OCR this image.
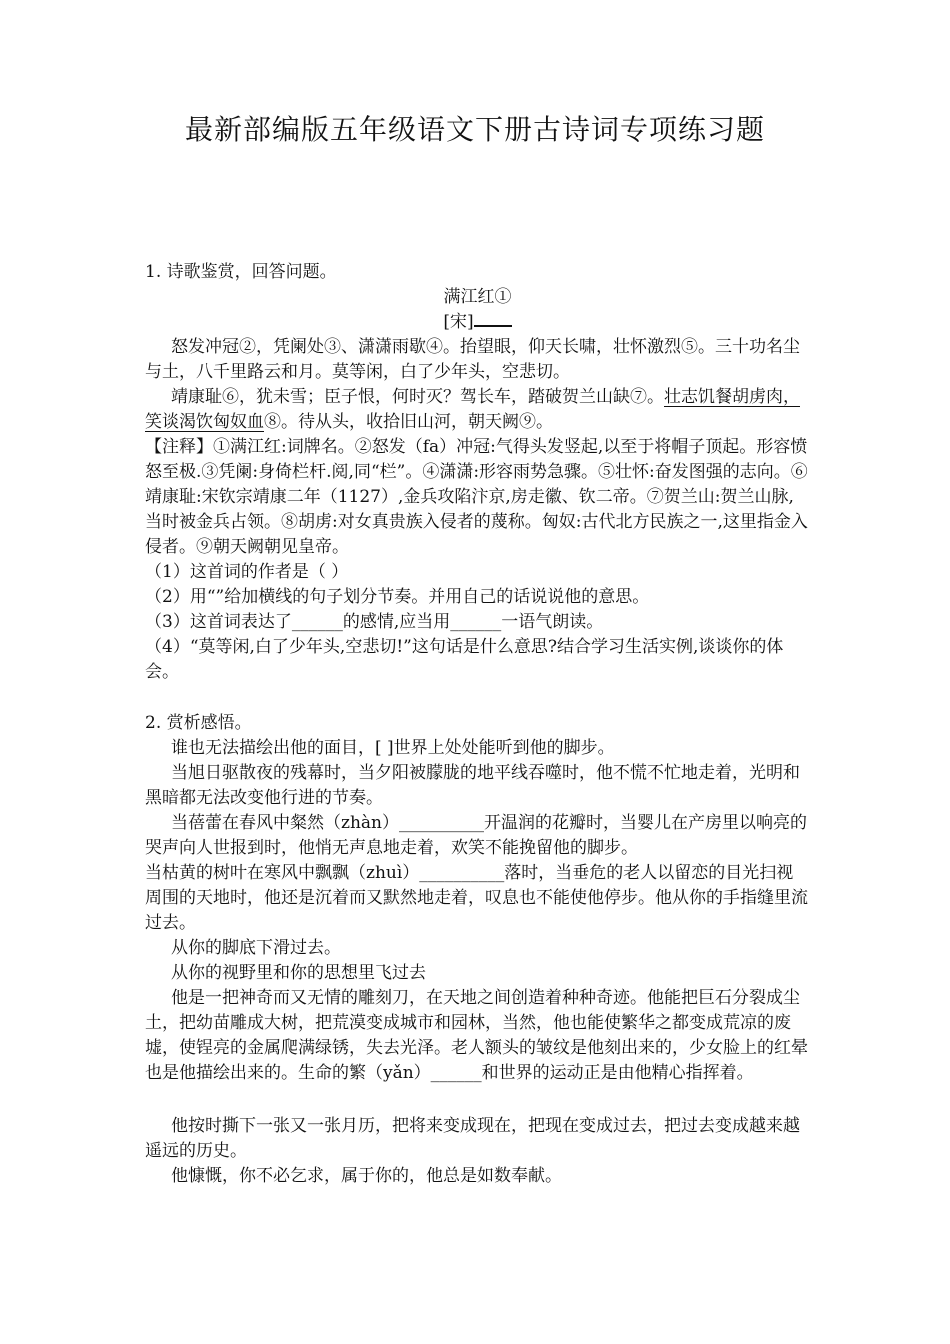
最新部编版五年级语文下册古诗词专项练习题

1. 诗歌鉴赏，回答问题。

满江红①

[宋]

怒发冲冠②，凭阑处③、潇潇雨歇④。抬望眼，仰天长啸，壮怀激烈⑤。三十功名尘与土，八千里路云和月。莫等闲，白了少年头，空悲切。

靖康耻⑥，犹未雪；臣子恨，何时灭？驾长车，踏破贺兰山缺⑦。壮志饥餐胡虏肉，笑谈渴饮匈奴血⑧。待从头，收拾旧山河，朝天阙⑨。

【注释】①满江红:词牌名。②怒发（fa）冲冠:气得头发竖起,以至于将帽子顶起。形容愤怒至极.③凭阑:身倚栏杆.阅,同“栏”。④潇潇:形容雨势急骤。⑤壮怀:奋发图强的志向。⑥靖康耻:宋钦宗靖康二年（1127）,金兵攻陷汴京,房走徽、钦二帝。⑦贺兰山:贺兰山脉,当时被金兵占领。⑧胡虏:对女真贵族入侵者的蔑称。匈奴:古代北方民族之一,这里指金入侵者。⑨朝天阙朝见皇帝。

（1）这首词的作者是（ ）

（2）用“”给加横线的句子划分节奏。并用自己的话说说他的意思。

（3）这首词表达了______的感情,应当用______一语气朗读。

（4）“莫等闲,白了少年头,空悲切!”这句话是什么意思?结合学习生活实例,谈谈你的体会。

2. 赏析感悟。

谁也无法描绘出他的面目，[ ]世界上处处能听到他的脚步。

当旭日驱散夜的残幕时，当夕阳被朦胧的地平线吞噬时，他不慌不忙地走着，光明和黑暗都无法改变他行进的节奏。

当蓓蕾在春风中粲然（zhàn）__________开温润的花瓣时，当婴儿在产房里以响亮的哭声向人世报到时，他悄无声息地走着，欢笑不能挽留他的脚步。

当枯黄的树叶在寒风中飘飘（zhuì）__________落时，当垂危的老人以留恋的目光扫视周围的天地时，他还是沉着而又默然地走着，叹息也不能使他停步。他从你的手指缝里流过去。

从你的脚底下滑过去。

从你的视野里和你的思想里飞过去

他是一把神奇而又无情的雕刻刀，在天地之间创造着种种奇迹。他能把巨石分裂成尘土，把幼苗雕成大树，把荒漠变成城市和园林，当然，他也能使繁华之都变成荒凉的废墟，使锃亮的金属爬满绿锈，失去光泽。老人额头的皱纹是他刻出来的，少女脸上的红晕也是他描绘出来的。生命的繁（yǎn）______和世界的运动正是由他精心指挥着。

他按时撕下一张又一张月历，把将来变成现在，把现在变成过去，把过去变成越来越遥远的历史。

他慷慨，你不必乞求，属于你的，他总是如数奉献。
